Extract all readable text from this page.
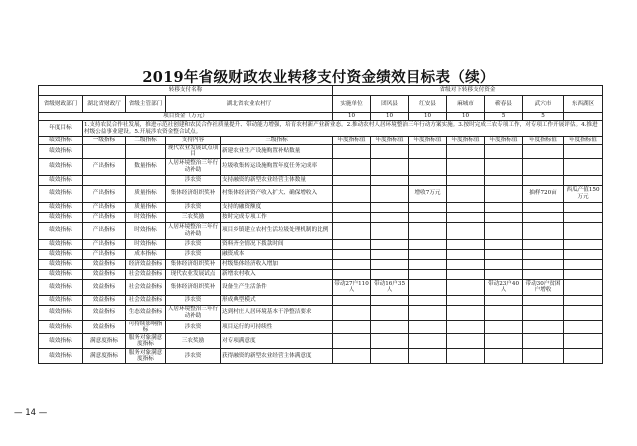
2019年省级财政农业转移支付资金绩效目标表（续）
转移支付名称					省级对下转移支付资金						
省级财政部门	湖北省财政厅	省级主管部门	湖北省农业农村厅		实施单位	团风县	红安县	麻城市	蕲春县	武穴市	东西湖区
项目资金（万元）					10	10	10	10	5	5	
年度目标	1.支持农民合作社发展，推进示范社创建和农民合作社质量提升、带动能力增强，培育农村新产业新业态。2.推动农村人居环境整治三年行动方案实施。3.按时完成三农专项工作，对专项工作开展评估。4.推进村级公益事业建设。5.开展涉农资金整合试点。										
绩效指标	一级指标	二级指标	支持内容	三级指标	年度指标值	年度指标值	年度指标值	年度指标值	年度指标值	年度指标值	年度指标值
绩效指标			现代农业发展试点项目	新建农业生产设施购置补贴数量							
绩效指标	产出指标	数量指标	人居环境整治三年行动补助	垃圾收集转运设施购置年度任务完成率							
绩效指标			涉农资	支持融资的新型农业经营主体数量							
绩效指标	产出指标	质量指标	集体经济组织奖补	村集体经济资产收入扩大、确保增收入			增收7万元			抽样720亩	西瓜产值150万元
绩效指标	产出指标	质量指标	涉农资	支持的融资额度							
绩效指标	产出指标	时效指标	三农奖励	按时完成专项工作							
绩效指标	产出指标	时效指标	人居环境整治三年行动补助	项目乡镇建立农村生活垃圾处理机制的比例							
绩效指标	产出指标	时效指标	涉农资	资料齐全情况下拨款时间							
绩效指标	产出指标	成本指标	涉农资	融资成本							
绩效指标	效益指标	经济效益指标	集体经济组织奖补	村级集体经济收入增加							
绩效指标	效益指标	社会效益指标	现代农业发展试点	新增农村收入							
绩效指标	效益指标	社会效益指标	集体经济组织奖补	设备生产生活条件	带动27户110人	带动16户35人			带动23户40人	带动30户贫困户增收	
绩效指标	效益指标	社会效益指标	涉农资	形成典型模式							
绩效指标	效益指标	生态效益指标	人居环境整治三年行动补助	达到村庄人居环境基本干净整洁要求							
绩效指标	效益指标	可持续影响指标	涉农资	项目运行的可持续性							
绩效指标	满意度指标	服务对象满意度指标	三农奖励	对专项满意度							
绩效指标	满意度指标	服务对象满意度指标	涉农资	获得融资的新型农业经营主体满意度							
— 14 —
